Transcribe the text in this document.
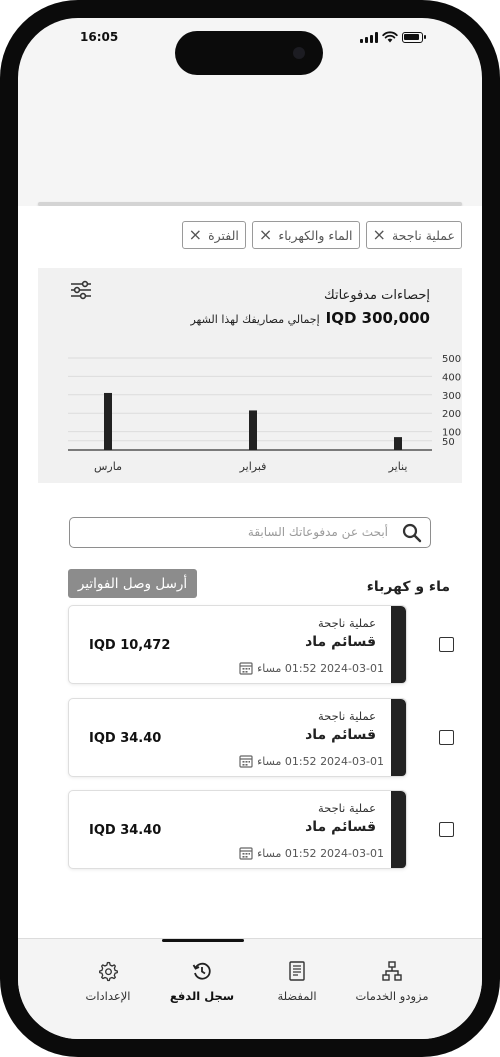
16:05
عملية ناجحة
×
الماء والكهرباء
×
الفترة
×
إحصاءات مدفوعاتك
إجمالي مصاريفك لهذا الشهر IQD 300,000
500
400
300
200
100
50
مارس	فبراير	يناير
أبحث عن مدفوعاتك السابقة
ماء و كهرباء
أرسل وصل الفواتير
عملية ناجحة
قسائم ماد
2024-03-01 01:52 مساء
IQD 10,472
عملية ناجحة
قسائم ماد
2024-03-01 01:52 مساء
IQD 34.40
عملية ناجحة
قسائم ماد
2024-03-01 01:52 مساء
IQD 34.40
مزودو الخدمات
المفضلة
سجل الدفع
الإعدادات
